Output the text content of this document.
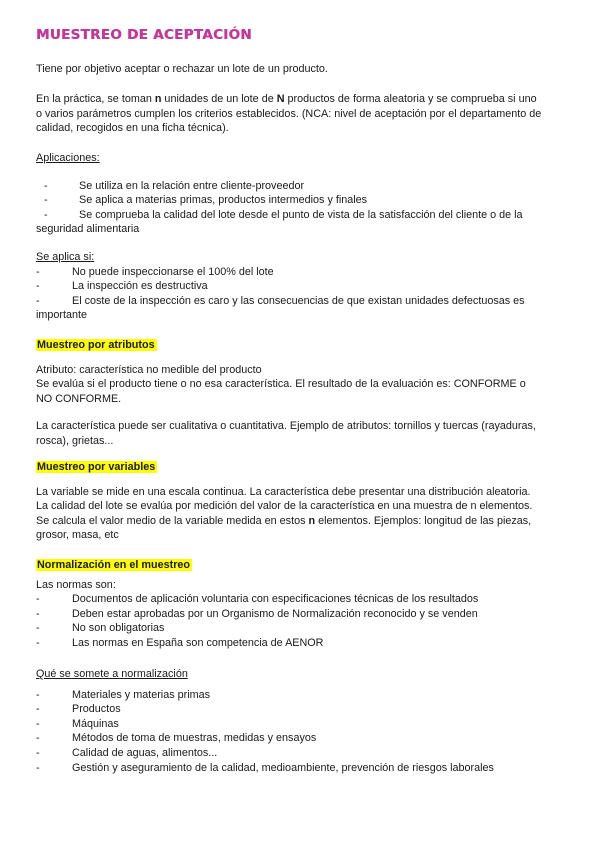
MUESTREO DE ACEPTACIÓN

Tiene por objetivo aceptar o rechazar un lote de un producto.

En la práctica, se toman n unidades de un lote de N productos de forma aleatoria y se comprueba si uno

o varios parámetros cumplen los criterios establecidos. (NCA: nivel de aceptación por el departamento de

calidad, recogidos en una ficha técnica).

Aplicaciones:

-	Se utiliza en la relación entre cliente-proveedor
-	Se aplica a materias primas, productos intermedios y finales
-	Se comprueba la calidad del lote desde el punto de vista de la satisfacción del cliente o de la

seguridad alimentaria

Se aplica si:

-	No puede inspeccionarse el 100% del lote
-	La inspección es destructiva
-	El coste de la inspección es caro y las consecuencias de que existan unidades defectuosas es

importante

Muestreo por atributos

Atributo: característica no medible del producto

Se evalúa si el producto tiene o no esa característica. El resultado de la evaluación es: CONFORME o

NO CONFORME.

La característica puede ser cualitativa o cuantitativa. Ejemplo de atributos: tornillos y tuercas (rayaduras,

rosca), grietas...

Muestreo por variables

La variable se mide en una escala continua. La característica debe presentar una distribución aleatoria.

La calidad del lote se evalúa por medición del valor de la característica en una muestra de n elementos.

Se calcula el valor medio de la variable medida en estos n elementos. Ejemplos: longitud de las piezas,

grosor, masa, etc

Normalización en el muestreo

Las normas son:

-	Documentos de aplicación voluntaria con especificaciones técnicas de los resultados
-	Deben estar aprobadas por un Organismo de Normalización reconocido y se venden
-	No son obligatorias
-	Las normas en España son competencia de AENOR

Qué se somete a normalización

-	Materiales y materias primas
-	Productos
-	Máquinas
-	Métodos de toma de muestras, medidas y ensayos
-	Calidad de aguas, alimentos...
-	Gestión y aseguramiento de la calidad, medioambiente, prevención de riesgos laborales
